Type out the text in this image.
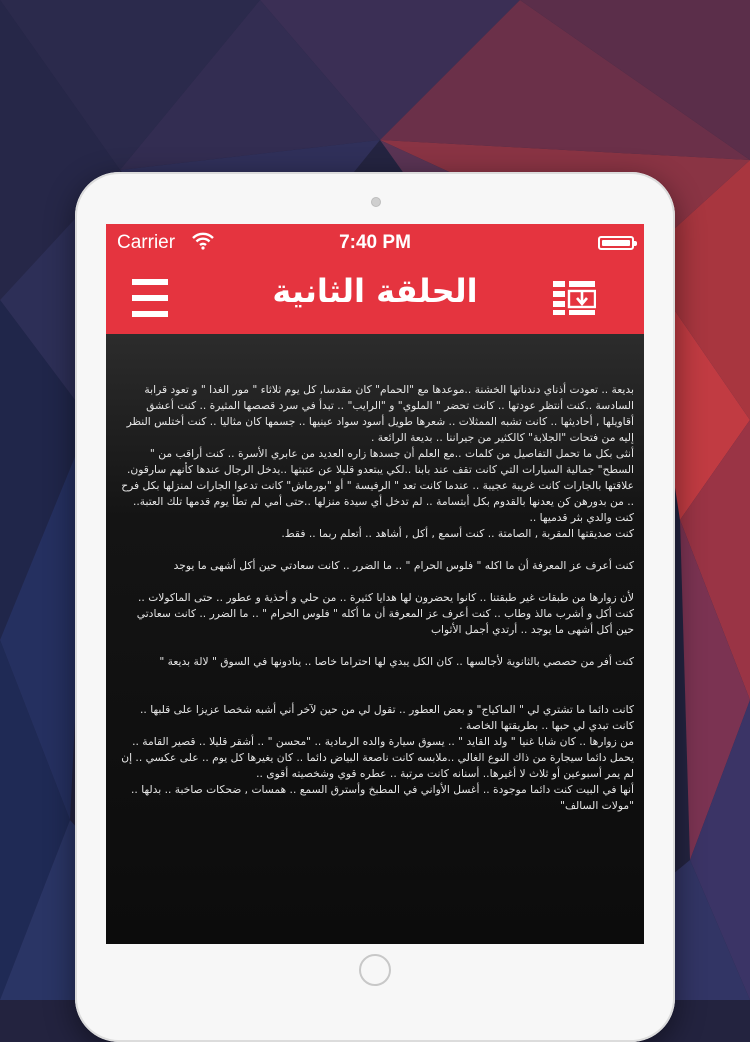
Carrier	7:40 PM
الحلقة الثانية
بديعة .. تعودت أذناي دندناتها الخشنة ..موعدها مع "الحمام" كان مقدسا, كل يوم ثلاثاء " مور الغدا " و تعود قرابة السادسة ..كنت أنتظر عودتها .. كانت تحضر " الملوي" و "الرايب" .. تبدأ في سرد قصصها المثيرة .. كنت أعشق أقاويلها , أحاديثها .. كانت تشبه الممثلات .. شعرها طويل أسود سواد عينيها .. جسمها كان مثاليا .. كنت أختلس النظر إليه من فتحات "الجلابة" كالكثير من جيراننا .. بديعة الرائعة .
أنثى بكل ما تحمل التفاصيل من كلمات ..مع العلم أن جسدها زاره العديد من عابري الأسرة .. كنت أراقب من " السطح" جمالية السيارات التي كانت تقف عند بابنا ..لكي يبتعدو قليلا عن عتبتها ..يدخل الرجال عندها كأنهم سارقون.
علاقتها بالجارات كانت غريبة عجيبة .. عندما كانت تعد " الرفيسة " أو "بورماش" كانت تدعوا الجارات لمنزلها بكل فرح .. من بدورهن كن يعدنها بالقدوم بكل أبتسامة .. لم تدخل أي سيدة منزلها ..حتى أمي لم تطأ يوم قدمها تلك العتبة.. كنت والدي بثر قدميها ..
كنت صديقتها المقربة , الصامتة .. كنت أسمع , أكل , أشاهد .. أتعلم ربما .. فقط.
كنت أعرف عز المعرفة أن ما اكله " فلوس الحرام " .. ما الضرر .. كانت سعادتي حين أكل أشهى ما يوجد
لأن زوارها من طبقات غير طبقتنا .. كانوا يحضرون لها هدايا كثيرة .. من حلي و أحذية و عطور .. حتى الماكولات .. كنت أكل و أشرب مالذ وطاب .. كنت أعرف عز المعرفة أن ما أكله " فلوس الحرام " .. ما الضرر .. كانت سعادتي حين أكل أشهى ما يوجد .. أرتدي أجمل الأثواب
كنت أفر من حصصي بالثانوية لأجالسها .. كان الكل يبدي لها احتراما خاصا .. ينادونها في السوق " لالة بديعة "
كانت دائما ما تشتري لي " الماكياج" و بعض العطور .. تقول لي من حين لآخر أني أشبه شخصا عزيزا على قلبها .. كانت تبدي لي حبها .. بطريقتها الخاصة .
من زوارها .. كان شابا غنيا " ولد القايد " .. يسوق سيارة والده الرمادية .. "محسن " .. أشقر قليلا .. قصير القامة .. يحمل دائما سيجارة من ذاك النوع الغالي ..ملابسه كانت ناصعة البياض دائما .. كان يغيرها كل يوم .. على عكسي .. إن لم يمر أسبوعين أو ثلاث لا أغيرها.. أسنانه كانت مرتبة .. عطره قوي وشخصيته أقوى ..
أنها في البيت كنت دائما موجودة .. أغسل الأواني في المطبخ وأسترق السمع .. همسات , ضحكات صاخبة .. بدلها .. "مولات السالف"
